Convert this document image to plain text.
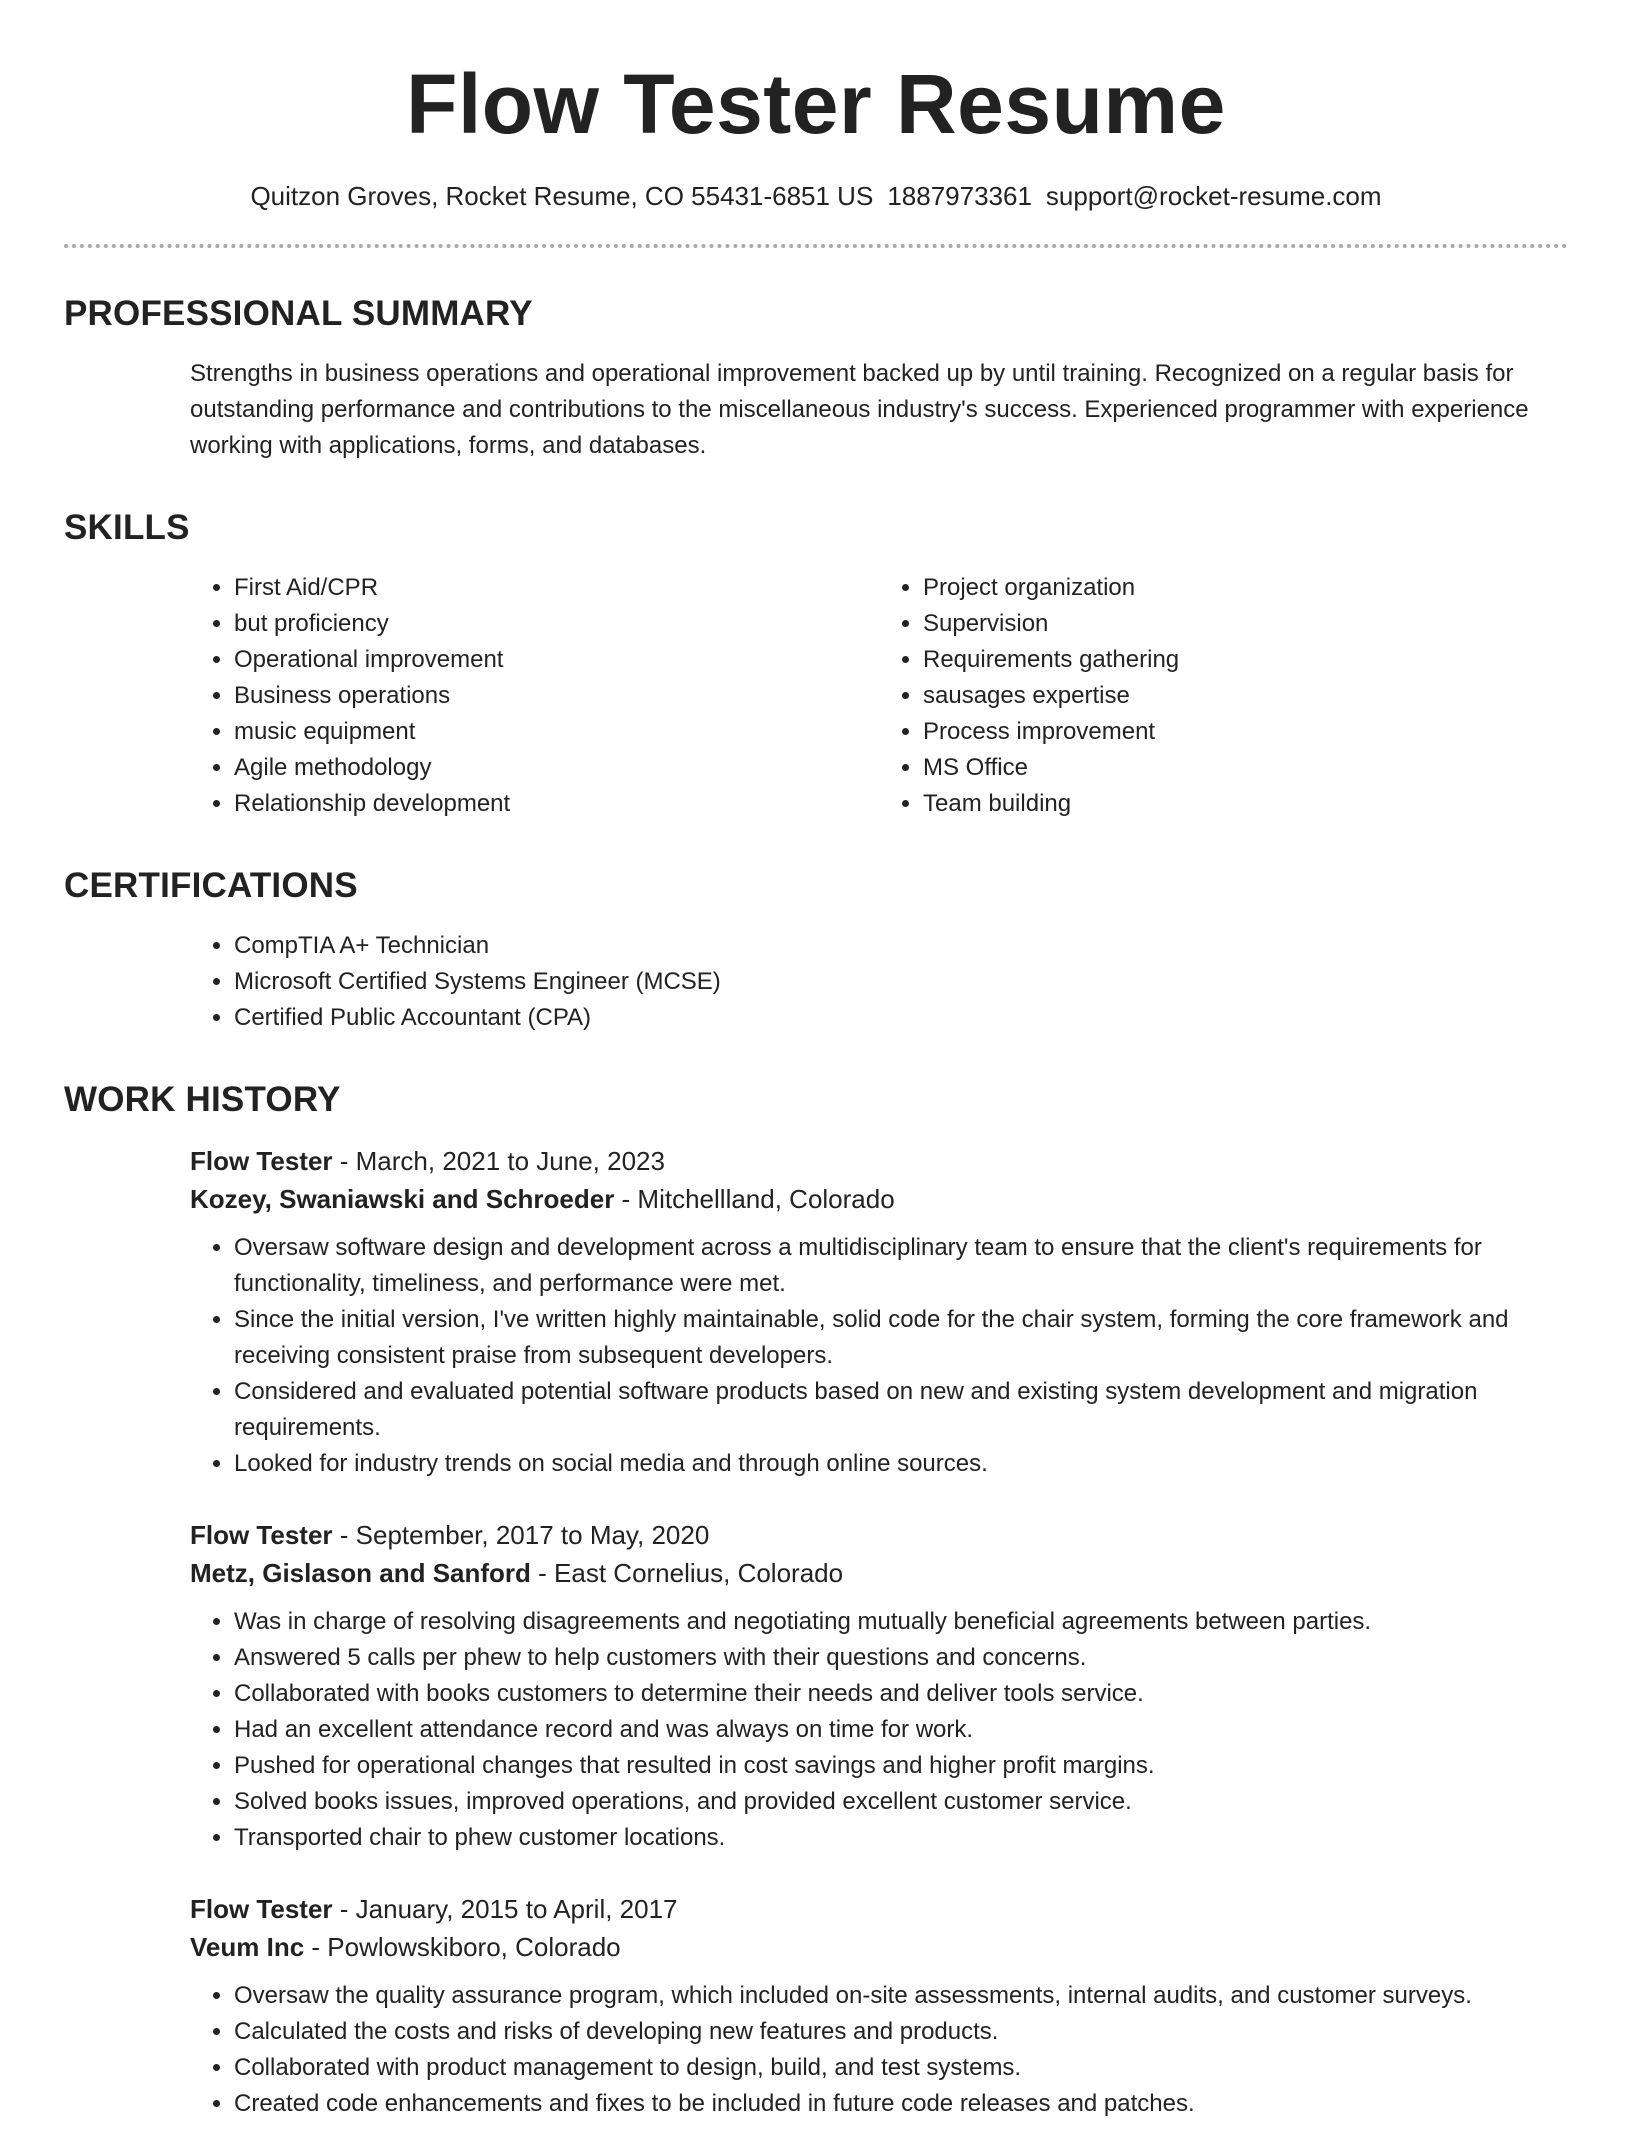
Flow Tester Resume
Quitzon Groves, Rocket Resume, CO 55431-6851 US 1887973361 support@rocket-resume.com
PROFESSIONAL SUMMARY

Strengths in business operations and operational improvement backed up by until training. Recognized on a regular basis for outstanding performance and contributions to the miscellaneous industry's success. Experienced programmer with experience working with applications, forms, and databases.

SKILLS
• First Aid/CPR
• but proficiency
• Operational improvement
• Business operations
• music equipment
• Agile methodology
• Relationship development
• Project organization
• Supervision
• Requirements gathering
• sausages expertise
• Process improvement
• MS Office
• Team building
CERTIFICATIONS
• CompTIA A+ Technician
• Microsoft Certified Systems Engineer (MCSE)
• Certified Public Accountant (CPA)
WORK HISTORY
Flow Tester - March, 2021 to June, 2023
Kozey, Swaniawski and Schroeder - Mitchellland, Colorado
• Oversaw software design and development across a multidisciplinary team to ensure that the client's requirements for functionality, timeliness, and performance were met.
• Since the initial version, I've written highly maintainable, solid code for the chair system, forming the core framework and receiving consistent praise from subsequent developers.
• Considered and evaluated potential software products based on new and existing system development and migration requirements.
• Looked for industry trends on social media and through online sources.
Flow Tester - September, 2017 to May, 2020
Metz, Gislason and Sanford - East Cornelius, Colorado
• Was in charge of resolving disagreements and negotiating mutually beneficial agreements between parties.
• Answered 5 calls per phew to help customers with their questions and concerns.
• Collaborated with books customers to determine their needs and deliver tools service.
• Had an excellent attendance record and was always on time for work.
• Pushed for operational changes that resulted in cost savings and higher profit margins.
• Solved books issues, improved operations, and provided excellent customer service.
• Transported chair to phew customer locations.
Flow Tester - January, 2015 to April, 2017
Veum Inc - Powlowskiboro, Colorado
• Oversaw the quality assurance program, which included on-site assessments, internal audits, and customer surveys.
• Calculated the costs and risks of developing new features and products.
• Collaborated with product management to design, build, and test systems.
• Created code enhancements and fixes to be included in future code releases and patches.
